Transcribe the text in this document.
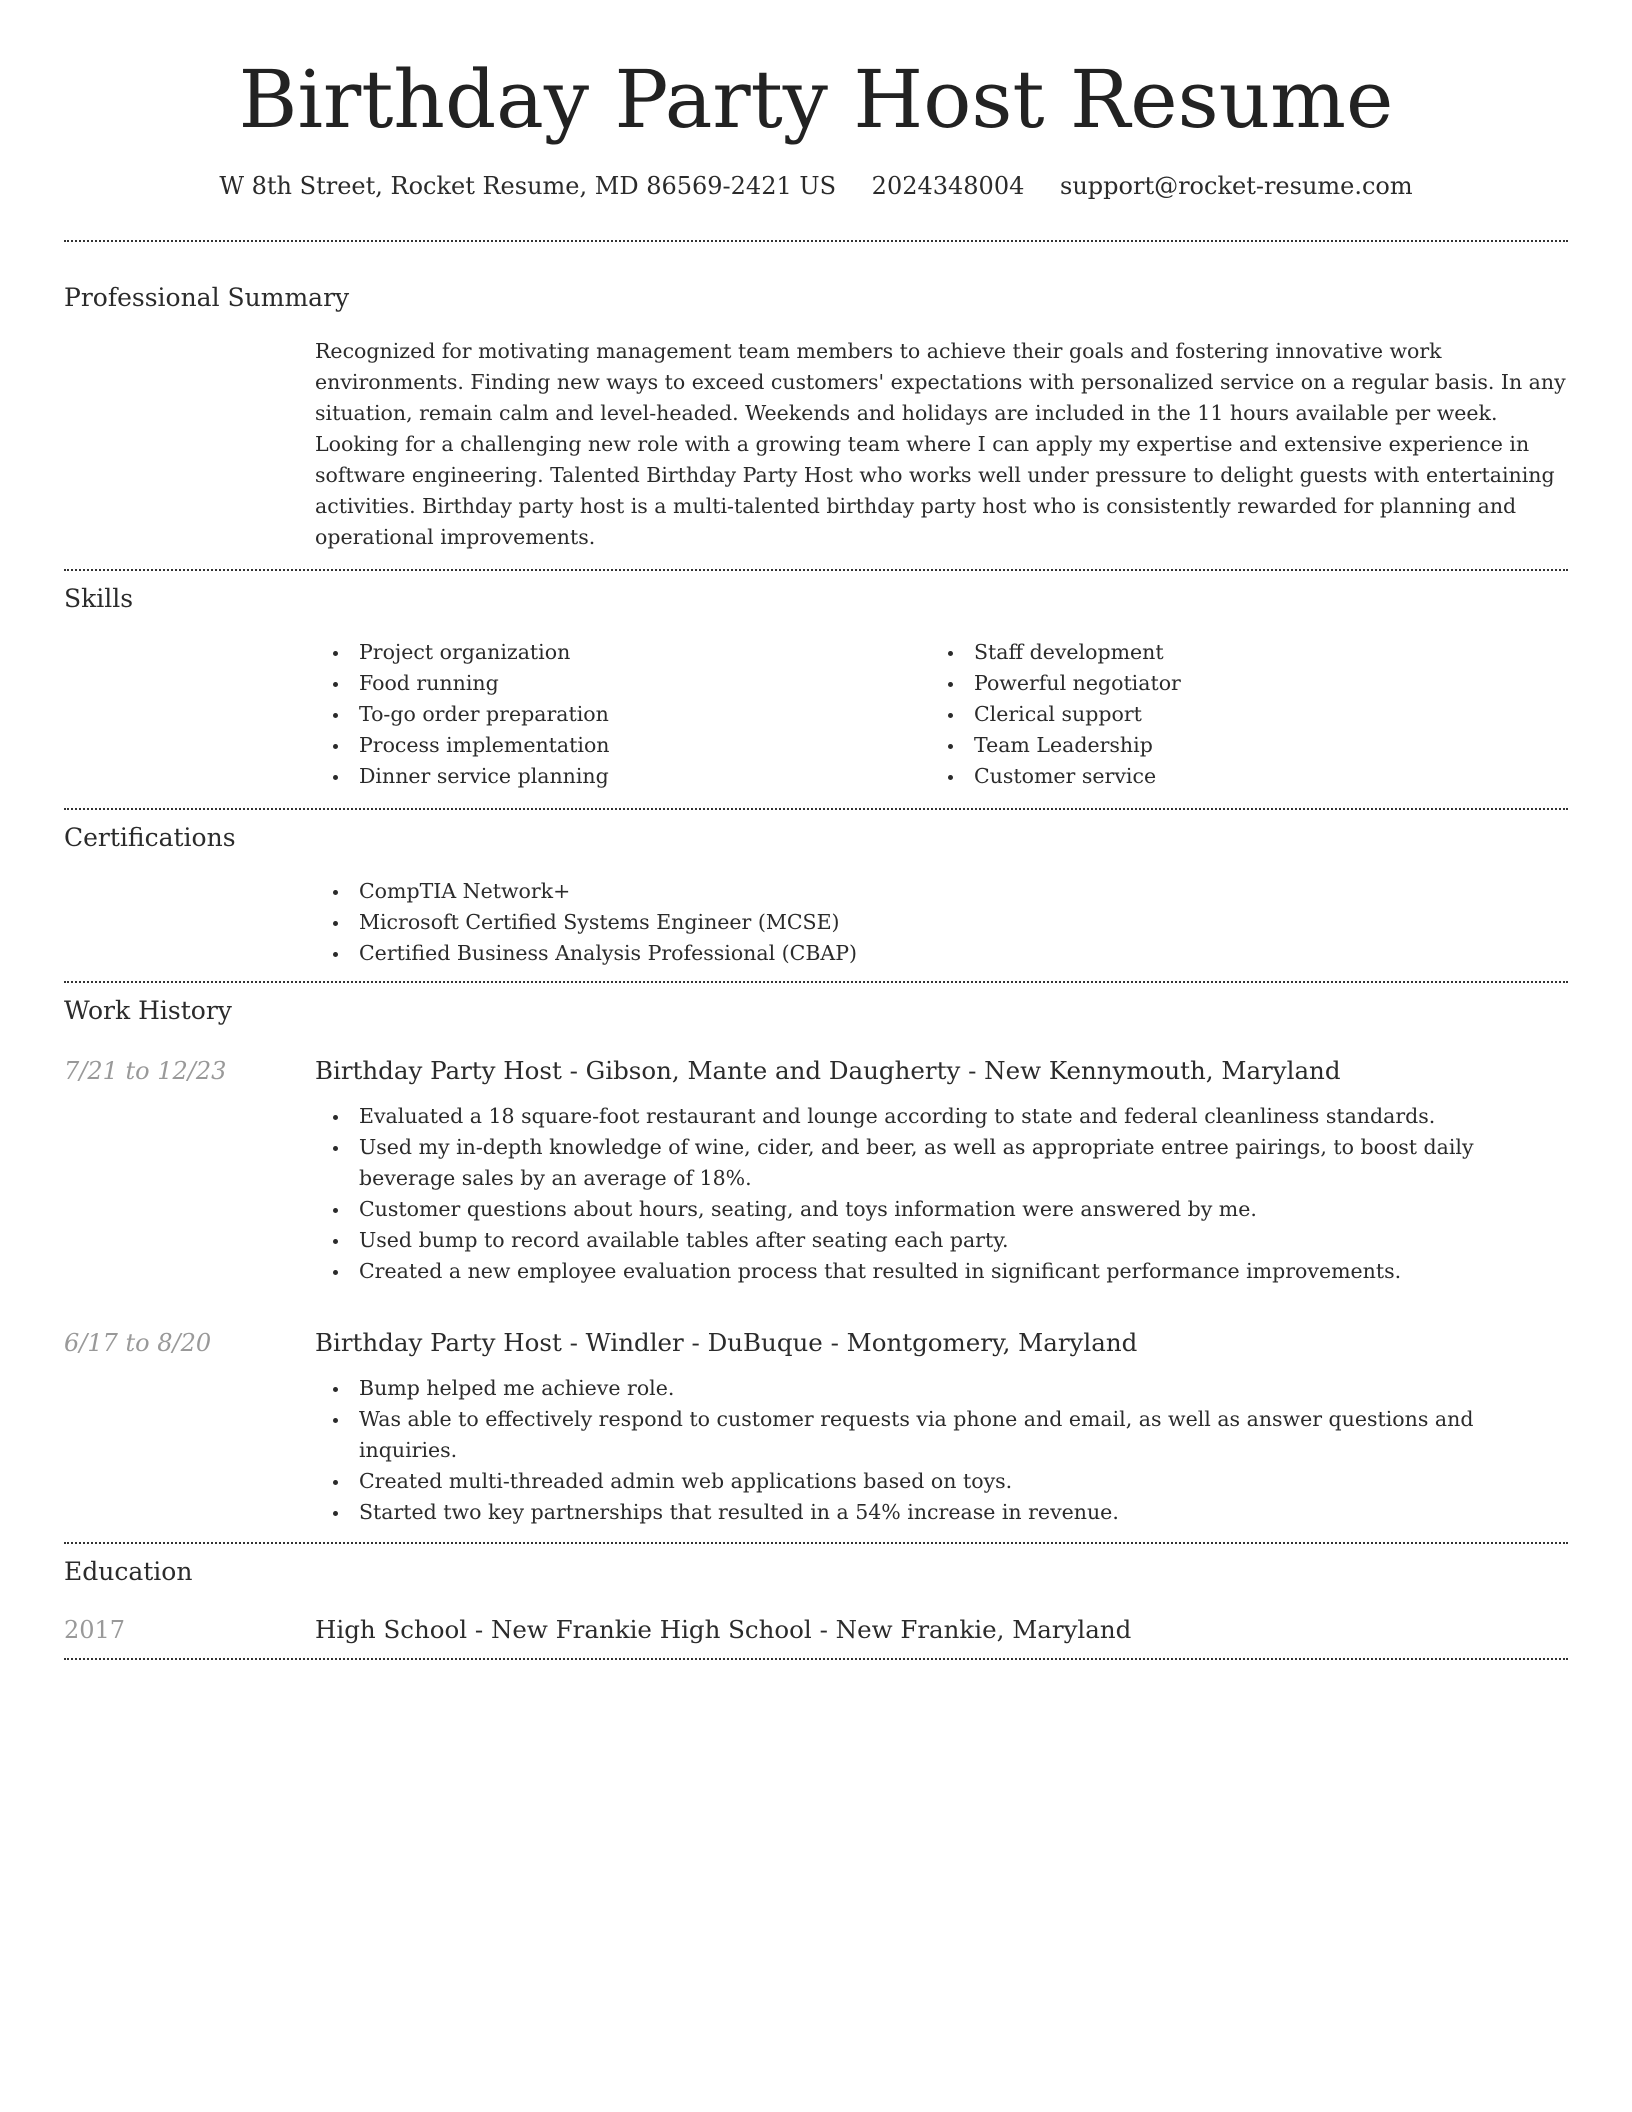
Birthday Party Host Resume
W 8th Street, Rocket Resume, MD 86569-2421 US 2024348004 support@rocket-resume.com
Professional Summary

Recognized for motivating management team members to achieve their goals and fostering innovative work environments. Finding new ways to exceed customers' expectations with personalized service on a regular basis. In any situation, remain calm and level-headed. Weekends and holidays are included in the 11 hours available per week. Looking for a challenging new role with a growing team where I can apply my expertise and extensive experience in software engineering. Talented Birthday Party Host who works well under pressure to delight guests with entertaining activities. Birthday party host is a multi-talented birthday party host who is consistently rewarded for planning and operational improvements.

Skills
Project organization
Food running
To-go order preparation
Process implementation
Dinner service planning
Staff development
Powerful negotiator
Clerical support
Team Leadership
Customer service
Certifications
CompTIA Network+
Microsoft Certified Systems Engineer (MCSE)
Certified Business Analysis Professional (CBAP)
Work History
7/21 to 12/23	Birthday Party Host - Gibson, Mante and Daugherty - New Kennymouth, Maryland
Evaluated a 18 square-foot restaurant and lounge according to state and federal cleanliness standards.
Used my in-depth knowledge of wine, cider, and beer, as well as appropriate entree pairings, to boost daily beverage sales by an average of 18%.
Customer questions about hours, seating, and toys information were answered by me.
Used bump to record available tables after seating each party.
Created a new employee evaluation process that resulted in significant performance improvements.
6/17 to 8/20	Birthday Party Host - Windler - DuBuque - Montgomery, Maryland
Bump helped me achieve role.
Was able to effectively respond to customer requests via phone and email, as well as answer questions and inquiries.
Created multi-threaded admin web applications based on toys.
Started two key partnerships that resulted in a 54% increase in revenue.
Education
2017	High School - New Frankie High School - New Frankie, Maryland
